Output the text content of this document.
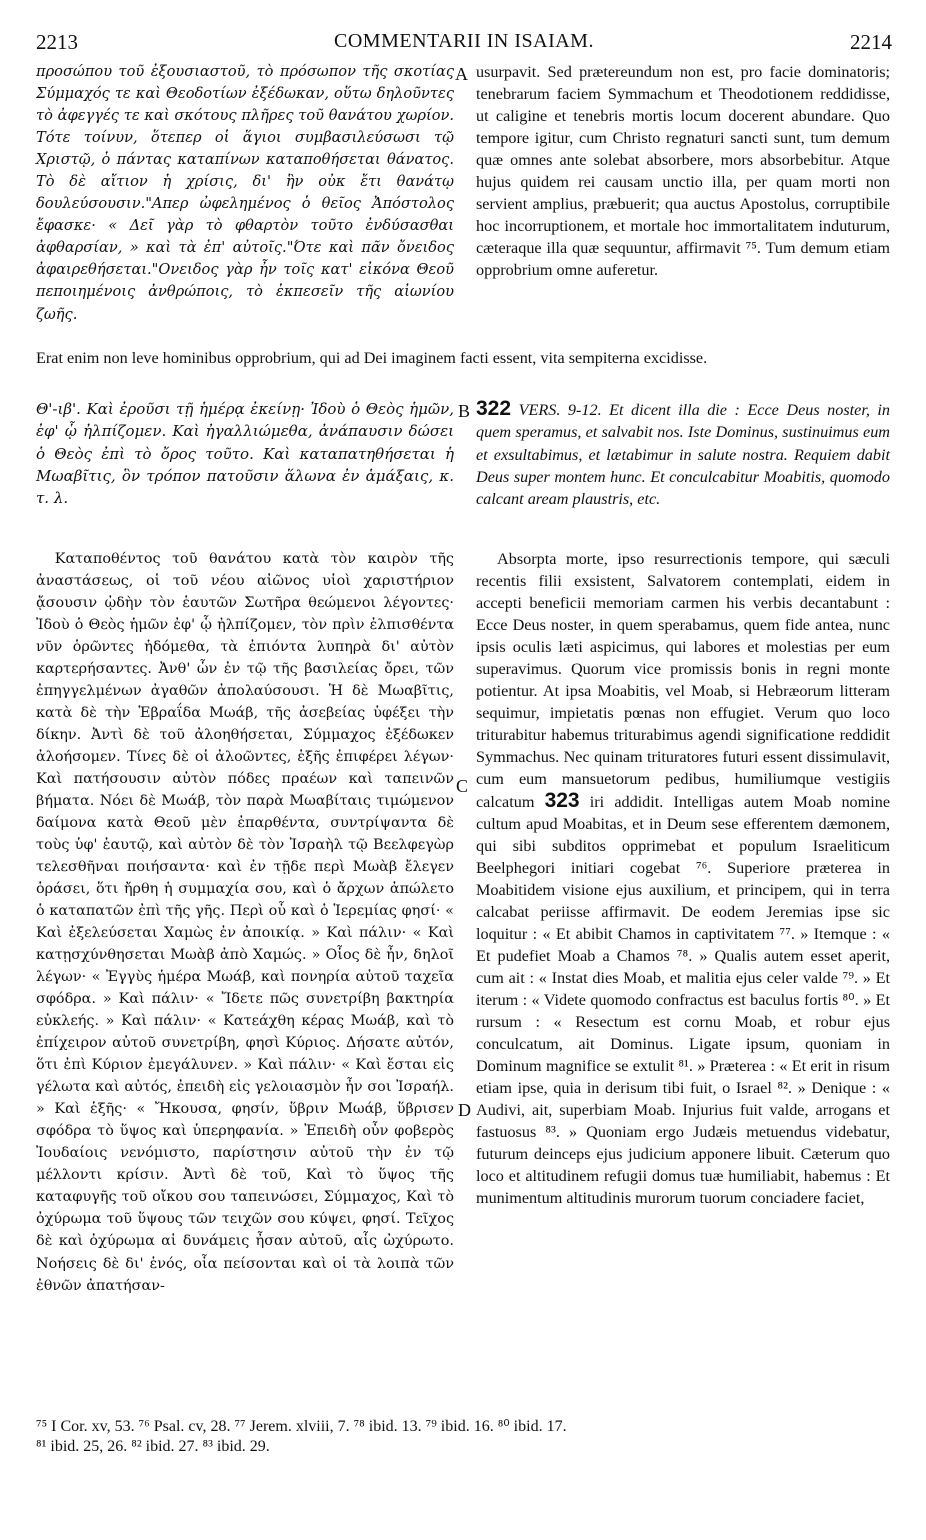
2213	COMMENTARII IN ISAIAM.	2214
A
B
C
D

προσώπου τοῦ ἐξουσιαστοῦ, τὸ πρόσωπον τῆς σκοτίας Σύμμαχός τε καὶ Θεοδοτίων ἐξέδωκαν, οὕτω δηλοῦντες τὸ ἀφεγγές τε καὶ σκότους πλῆρες τοῦ θανάτου χωρίον. Τότε τοίνυν, ὅτεπερ οἱ ἅγιοι συμβασιλεύσωσι τῷ Χριστῷ, ὁ πάντας καταπίνων καταποθήσεται θάνατος. Τὸ δὲ αἴτιον ἡ χρίσις, δι' ἣν οὐκ ἔτι θανάτῳ δουλεύσουσιν."Απερ ὠφελημένος ὁ θεῖος Ἀπόστολος ἔφασκε· « Δεῖ γὰρ τὸ φθαρτὸν τοῦτο ἐνδύσασθαι ἀφθαρσίαν, » καὶ τὰ ἐπ' αὐτοῖς."Ότε καὶ πᾶν ὄνειδος ἀφαιρεθήσεται."Ονειδος γὰρ ἦν τοῖς κατ' εἰκόνα Θεοῦ πεποιημένοις ἀνθρώποις, τὸ ἐκπεσεῖν τῆς αἰωνίου ζωῆς.

usurpavit. Sed prætereundum non est, pro facie dominatoris; tenebrarum faciem Symmachum et Theodotionem reddidisse, ut caligine et tenebris mortis locum docerent abundare. Quo tempore igitur, cum Christo regnaturi sancti sunt, tum demum quæ omnes ante solebat absorbere, mors absorbebitur. Atque hujus quidem rei causam unctio illa, per quam morti non servient amplius, præbuerit; qua auctus Apostolus, corruptibile hoc incorruptionem, et mortale hoc immortalitatem induturum, cæteraque illa quæ sequuntur, affirmavit ⁷⁵. Tum demum etiam opprobrium omne auferetur.

Erat enim non leve hominibus opprobrium, qui ad Dei imaginem facti essent, vita sempiterna excidisse.

Θ'-ιβ'. Καὶ ἐροῦσι τῇ ἡμέρᾳ ἐκείνῃ· Ἰδοὺ ὁ Θεὸς ἡμῶν, ἐφ' ᾧ ἠλπίζομεν. Καὶ ἠγαλλιώμεθα, ἀνάπαυσιν δώσει ὁ Θεὸς ἐπὶ τὸ ὄρος τοῦτο. Καὶ καταπατηθήσεται ἡ Μωαβῖτις, ὃν τρόπον πατοῦσιν ἅλωνα ἐν ἁμάξαις, κ. τ. λ.

322 VERS. 9-12. Et dicent illa die : Ecce Deus noster, in quem speramus, et salvabit nos. Iste Dominus, sustinuimus eum et exsultabimus, et lætabimur in salute nostra. Requiem dabit Deus super montem hunc. Et conculcabitur Moabitis, quomodo calcant aream plaustris, etc.

Καταποθέντος τοῦ θανάτου κατὰ τὸν καιρὸν τῆς ἀναστάσεως, οἱ τοῦ νέου αἰῶνος υἱοὶ χαριστήριον ᾄσουσιν ᾠδὴν τὸν ἑαυτῶν Σωτῆρα θεώμενοι λέγοντες· Ἰδοὺ ὁ Θεὸς ἡμῶν ἐφ' ᾧ ἠλπίζομεν, τὸν πρὶν ἐλπισθέντα νῦν ὁρῶντες ἡδόμεθα, τὰ ἐπιόντα λυπηρὰ δι' αὐτὸν καρτερήσαντες. Ἀνθ' ὧν ἐν τῷ τῆς βασιλείας ὄρει, τῶν ἐπηγγελμένων ἀγαθῶν ἀπολαύσουσι. Ἡ δὲ Μωαβῖτις, κατὰ δὲ τὴν Ἑβραΐδα Μωάβ, τῆς ἀσεβείας ὑφέξει τὴν δίκην. Ἀντὶ δὲ τοῦ ἀλοηθήσεται, Σύμμαχος ἐξέδωκεν ἀλοήσομεν. Τίνες δὲ οἱ ἀλοῶντες, ἑξῆς ἐπιφέρει λέγων· Καὶ πατήσουσιν αὐτὸν πόδες πραέων καὶ ταπεινῶν βήματα. Νόει δὲ Μωάβ, τὸν παρὰ Μωαβίταις τιμώμενον δαίμονα κατὰ Θεοῦ μὲν ἐπαρθέντα, συντρίψαντα δὲ τοὺς ὑφ' ἑαυτῷ, καὶ αὐτὸν δὲ τὸν Ἰσραὴλ τῷ Βεελφεγὼρ τελεσθῆναι ποιήσαντα· καὶ ἐν τῇδε περὶ Μωὰβ ἔλεγεν ὁράσει, ὅτι ἤρθη ἡ συμμαχία σου, καὶ ὁ ἄρχων ἀπώλετο ὁ καταπατῶν ἐπὶ τῆς γῆς. Περὶ οὗ καὶ ὁ Ἱερεμίας φησί· « Καὶ ἐξελεύσεται Χαμὼς ἐν ἀποικίᾳ. » Καὶ πάλιν· « Καὶ κατῃσχύνθησεται Μωὰβ ἀπὸ Χαμώς. » Οἷος δὲ ἦν, δηλοῖ λέγων· « Ἐγγὺς ἡμέρα Μωάβ, καὶ πονηρία αὐτοῦ ταχεῖα σφόδρα. » Καὶ πάλιν· « Ἴδετε πῶς συνετρίβη βακτηρία εὐκλεής. » Καὶ πάλιν· « Κατεάχθη κέρας Μωάβ, καὶ τὸ ἐπίχειρον αὐτοῦ συνετρίβη, φησὶ Κύριος. Δήσατε αὐτόν, ὅτι ἐπὶ Κύριον ἐμεγάλυνεν. » Καὶ πάλιν· « Καὶ ἔσται εἰς γέλωτα καὶ αὐτός, ἐπειδὴ εἰς γελοιασμὸν ἦν σοι Ἰσραήλ. » Καὶ ἑξῆς· « Ἤκουσα, φησίν, ὕβριν Μωάβ, ὕβρισεν σφόδρα τὸ ὕψος καὶ ὑπερηφανία. » Ἐπειδὴ οὖν φοβερὸς Ἰουδαίοις νενόμιστο, παρίστησιν αὐτοῦ τὴν ἐν τῷ μέλλοντι κρίσιν. Ἀντὶ δὲ τοῦ, Καὶ τὸ ὕψος τῆς καταφυγῆς τοῦ οἴκου σου ταπεινώσει, Σύμμαχος, Καὶ τὸ ὀχύρωμα τοῦ ὕψους τῶν τειχῶν σου κύψει, φησί. Τεῖχος δὲ καὶ ὀχύρωμα αἱ δυνάμεις ἦσαν αὐτοῦ, αἷς ὠχύρωτο. Νοήσεις δὲ δι' ἑνός, οἷα πείσονται καὶ οἱ τὰ λοιπὰ τῶν ἐθνῶν ἀπατήσαν-

Absorpta morte, ipso resurrectionis tempore, qui sæculi recentis filii exsistent, Salvatorem contemplati, eidem in accepti beneficii memoriam carmen his verbis decantabunt : Ecce Deus noster, in quem sperabamus, quem fide antea, nunc ipsis oculis læti aspicimus, qui labores et molestias per eum superavimus. Quorum vice promissis bonis in regni monte potientur. At ipsa Moabitis, vel Moab, si Hebræorum litteram sequimur, impietatis pœnas non effugiet. Verum quo loco triturabitur habemus triturabimus agendi significatione reddidit Symmachus. Nec quinam trituratores futuri essent dissimulavit, cum eum mansuetorum pedibus, humiliumque vestigiis calcatum 323 iri addidit. Intelligas autem Moab nomine cultum apud Moabitas, et in Deum sese efferentem dæmonem, qui sibi subditos opprimebat et populum Israeliticum Beelphegori initiari cogebat ⁷⁶. Superiore præterea in Moabitidem visione ejus auxilium, et principem, qui in terra calcabat periisse affirmavit. De eodem Jeremias ipse sic loquitur : « Et abibit Chamos in captivitatem ⁷⁷. » Itemque : « Et pudefiet Moab a Chamos ⁷⁸. » Qualis autem esset aperit, cum ait : « Instat dies Moab, et malitia ejus celer valde ⁷⁹. » Et iterum : « Videte quomodo confractus est baculus fortis ⁸⁰. » Et rursum : « Resectum est cornu Moab, et robur ejus conculcatum, ait Dominus. Ligate ipsum, quoniam in Dominum magnifice se extulit ⁸¹. » Præterea : « Et erit in risum etiam ipse, quia in derisum tibi fuit, o Israel ⁸². » Denique : « Audivi, ait, superbiam Moab. Injurius fuit valde, arrogans et fastuosus ⁸³. » Quoniam ergo Judæis metuendus videbatur, futurum deinceps ejus judicium apponere libuit. Cæterum quo loco et altitudinem refugii domus tuæ humiliabit, habemus : Et munimentum altitudinis murorum tuorum conciadere faciet,

⁷⁵ I Cor. xv, 53. ⁷⁶ Psal. cv, 28. ⁷⁷ Jerem. xlviii, 7. ⁷⁸ ibid. 13. ⁷⁹ ibid. 16. ⁸⁰ ibid. 17.
⁸¹ ibid. 25, 26. ⁸² ibid. 27. ⁸³ ibid. 29.
